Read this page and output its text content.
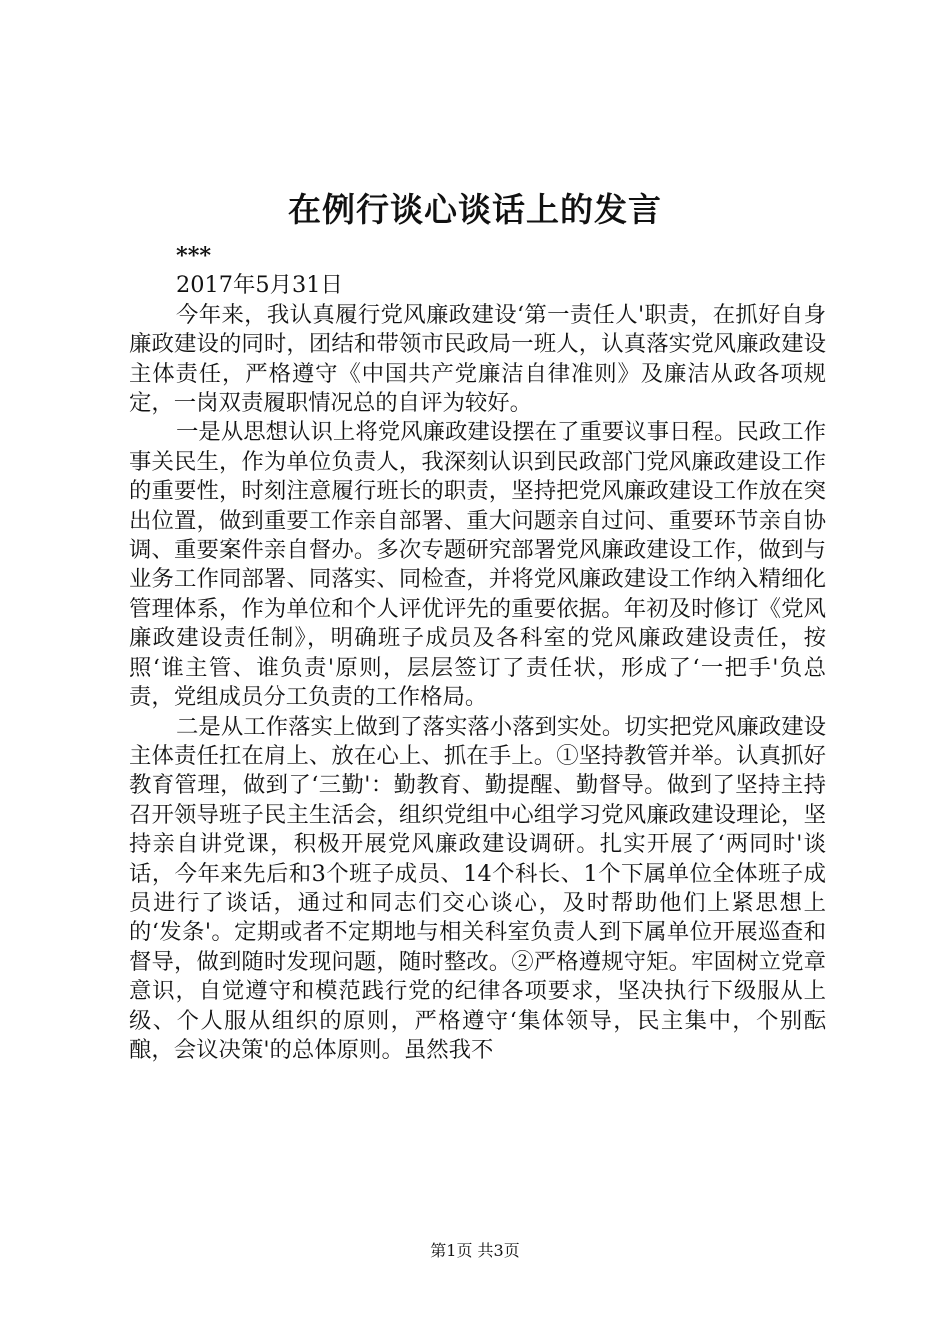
在例行谈心谈话上的发言
***
2017年5月31日

今年来，我认真履行党风廉政建设‘第一责任人'职责，在抓好自身廉政建设的同时，团结和带领市民政局一班人，认真落实党风廉政建设主体责任，严格遵守《中国共产党廉洁自律准则》及廉洁从政各项规定，一岗双责履职情况总的自评为较好。

一是从思想认识上将党风廉政建设摆在了重要议事日程。民政工作事关民生，作为单位负责人，我深刻认识到民政部门党风廉政建设工作的重要性，时刻注意履行班长的职责，坚持把党风廉政建设工作放在突出位置，做到重要工作亲自部署、重大问题亲自过问、重要环节亲自协调、重要案件亲自督办。多次专题研究部署党风廉政建设工作，做到与业务工作同部署、同落实、同检查，并将党风廉政建设工作纳入精细化管理体系，作为单位和个人评优评先的重要依据。年初及时修订《党风廉政建设责任制》，明确班子成员及各科室的党风廉政建设责任，按照‘谁主管、谁负责'原则，层层签订了责任状，形成了‘一把手'负总责，党组成员分工负责的工作格局。

二是从工作落实上做到了落实落小落到实处。切实把党风廉政建设主体责任扛在肩上、放在心上、抓在手上。①坚持教管并举。认真抓好教育管理，做到了‘三勤'：勤教育、勤提醒、勤督导。做到了坚持主持召开领导班子民主生活会，组织党组中心组学习党风廉政建设理论，坚持亲自讲党课，积极开展党风廉政建设调研。扎实开展了‘两同时'谈话，今年来先后和3个班子成员、14个科长、1个下属单位全体班子成员进行了谈话，通过和同志们交心谈心，及时帮助他们上紧思想上的‘发条'。定期或者不定期地与相关科室负责人到下属单位开展巡查和督导，做到随时发现问题，随时整改。②严格遵规守矩。牢固树立党章意识，自觉遵守和模范践行党的纪律各项要求，坚决执行下级服从上级、个人服从组织的原则，严格遵守‘集体领导，民主集中，个别酝酿，会议决策'的总体原则。虽然我不

第1页 共3页
